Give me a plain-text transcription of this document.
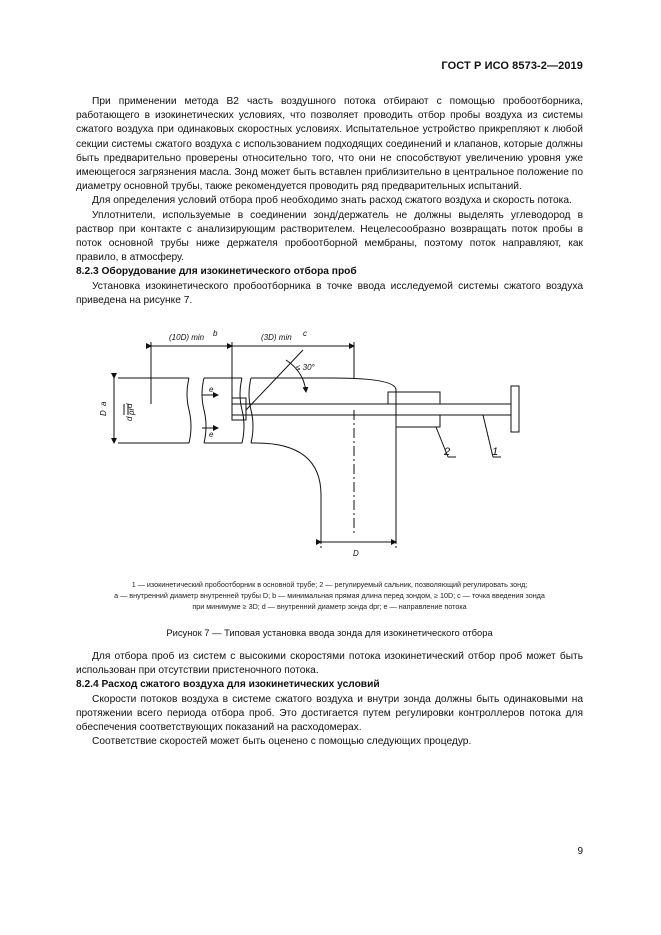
ГОСТ Р ИСО 8573-2—2019

При применении метода B2 часть воздушного потока отбирают с помощью пробоотборника, работающего в изокинетических условиях, что позволяет проводить отбор пробы воздуха из системы сжатого воздуха при одинаковых скоростных условиях. Испытательное устройство прикрепляют к любой секции системы сжатого воздуха с использованием подходящих соединений и клапанов, которые должны быть предварительно проверены относительно того, что они не способствуют увеличению уровня уже имеющегося загрязнения масла. Зонд может быть вставлен приблизительно в центральное положение по диаметру основной трубы, также рекомендуется проводить ряд предварительных испытаний.

Для определения условий отбора проб необходимо знать расход сжатого воздуха и скорость потока.

Уплотнители, используемые в соединении зонд/держатель не должны выделять углеводород в раствор при контакте с анализирующим растворителем. Нецелесообразно возвращать поток пробы в поток основной трубы ниже держателя пробоотборной мембраны, поэтому поток направляют, как правило, в атмосферу.

8.2.3 Оборудование для изокинетического отбора проб

Установка изокинетического пробоотборника в точке ввода исследуемой системы сжатого воздуха приведена на рисунке 7.

(10D) min b	(3D) min c
≤ 30°
D
a
d
pr
d
e
e
D
1
2

1 — изокинетический пробоотборник в основной трубе; 2 — регулируемый сальник, позволяющий регулировать зонд;

a — внутренний диаметр внутренней трубы D; b — минимальная прямая длина перед зондом, ≥ 10D; c — точка введения зонда

при минимуме ≥ 3D; d — внутренний диаметр зонда dpr; e — направление потока

Рисунок 7 — Типовая установка ввода зонда для изокинетического отбора

Для отбора проб из систем с высокими скоростями потока изокинетический отбор проб может быть использован при отсутствии пристеночного потока.

8.2.4 Расход сжатого воздуха для изокинетических условий

Скорости потоков воздуха в системе сжатого воздуха и внутри зонда должны быть одинаковыми на протяжении всего периода отбора проб. Это достигается путем регулировки контроллеров потока для обеспечения соответствующих показаний на расходомерах.

Соответствие скоростей может быть оценено с помощью следующих процедур.

9
